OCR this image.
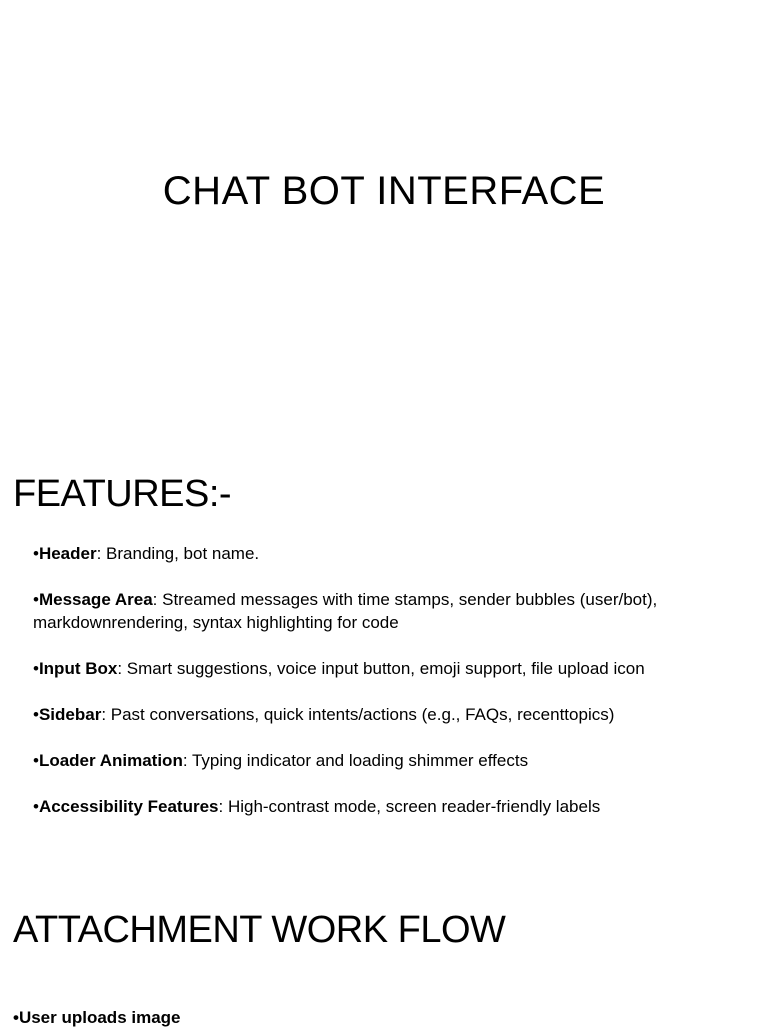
CHAT BOT INTERFACE
FEATURES:-
•Header: Branding, bot name.
•Message Area: Streamed messages with time stamps, sender bubbles (user/bot), markdownrendering, syntax highlighting for code
•Input Box: Smart suggestions, voice input button, emoji support, file upload icon
•Sidebar: Past conversations, quick intents/actions (e.g., FAQs, recenttopics)
•Loader Animation: Typing indicator and loading shimmer effects
•Accessibility Features: High-contrast mode, screen reader-friendly labels
ATTACHMENT WORK FLOW
•User uploads image
